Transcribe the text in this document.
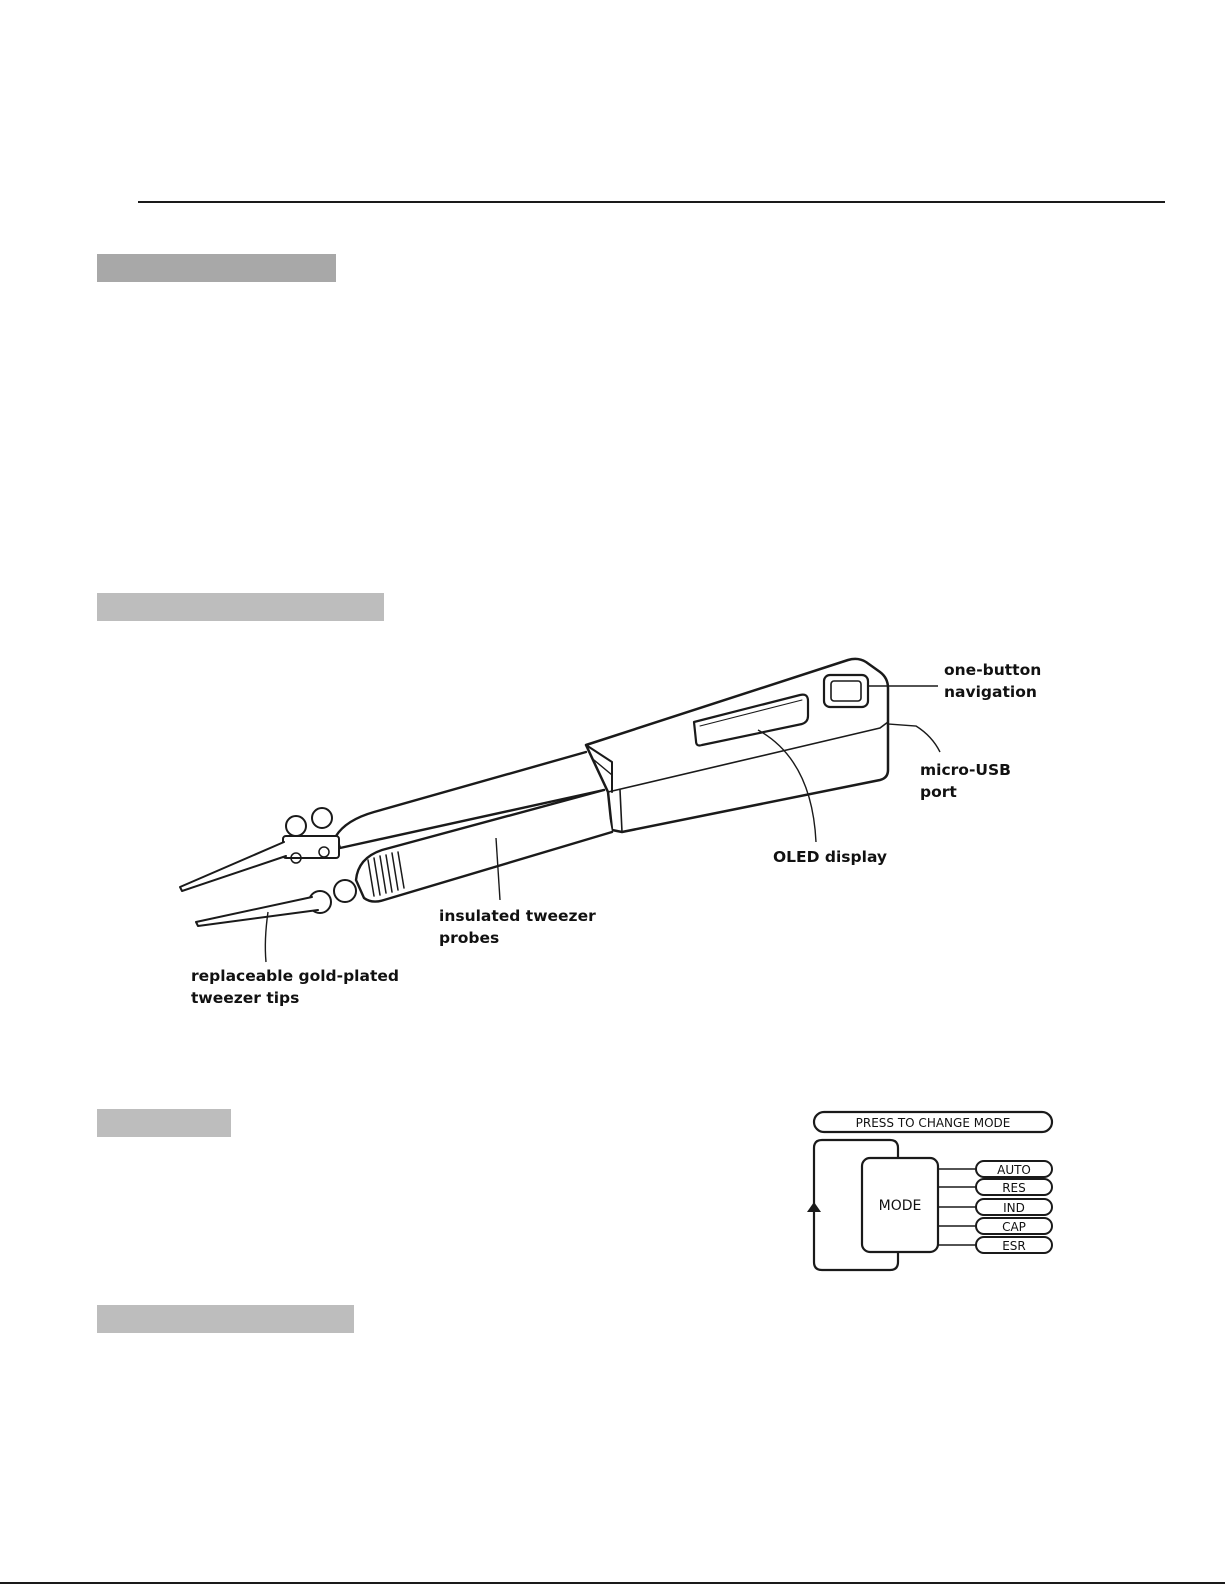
one-button
navigation
micro-USB
port
OLED display
insulated tweezer
probes
replaceable gold-plated
tweezer tips
PRESS TO CHANGE MODE
MODE
AUTO
RES
IND
CAP
ESR
